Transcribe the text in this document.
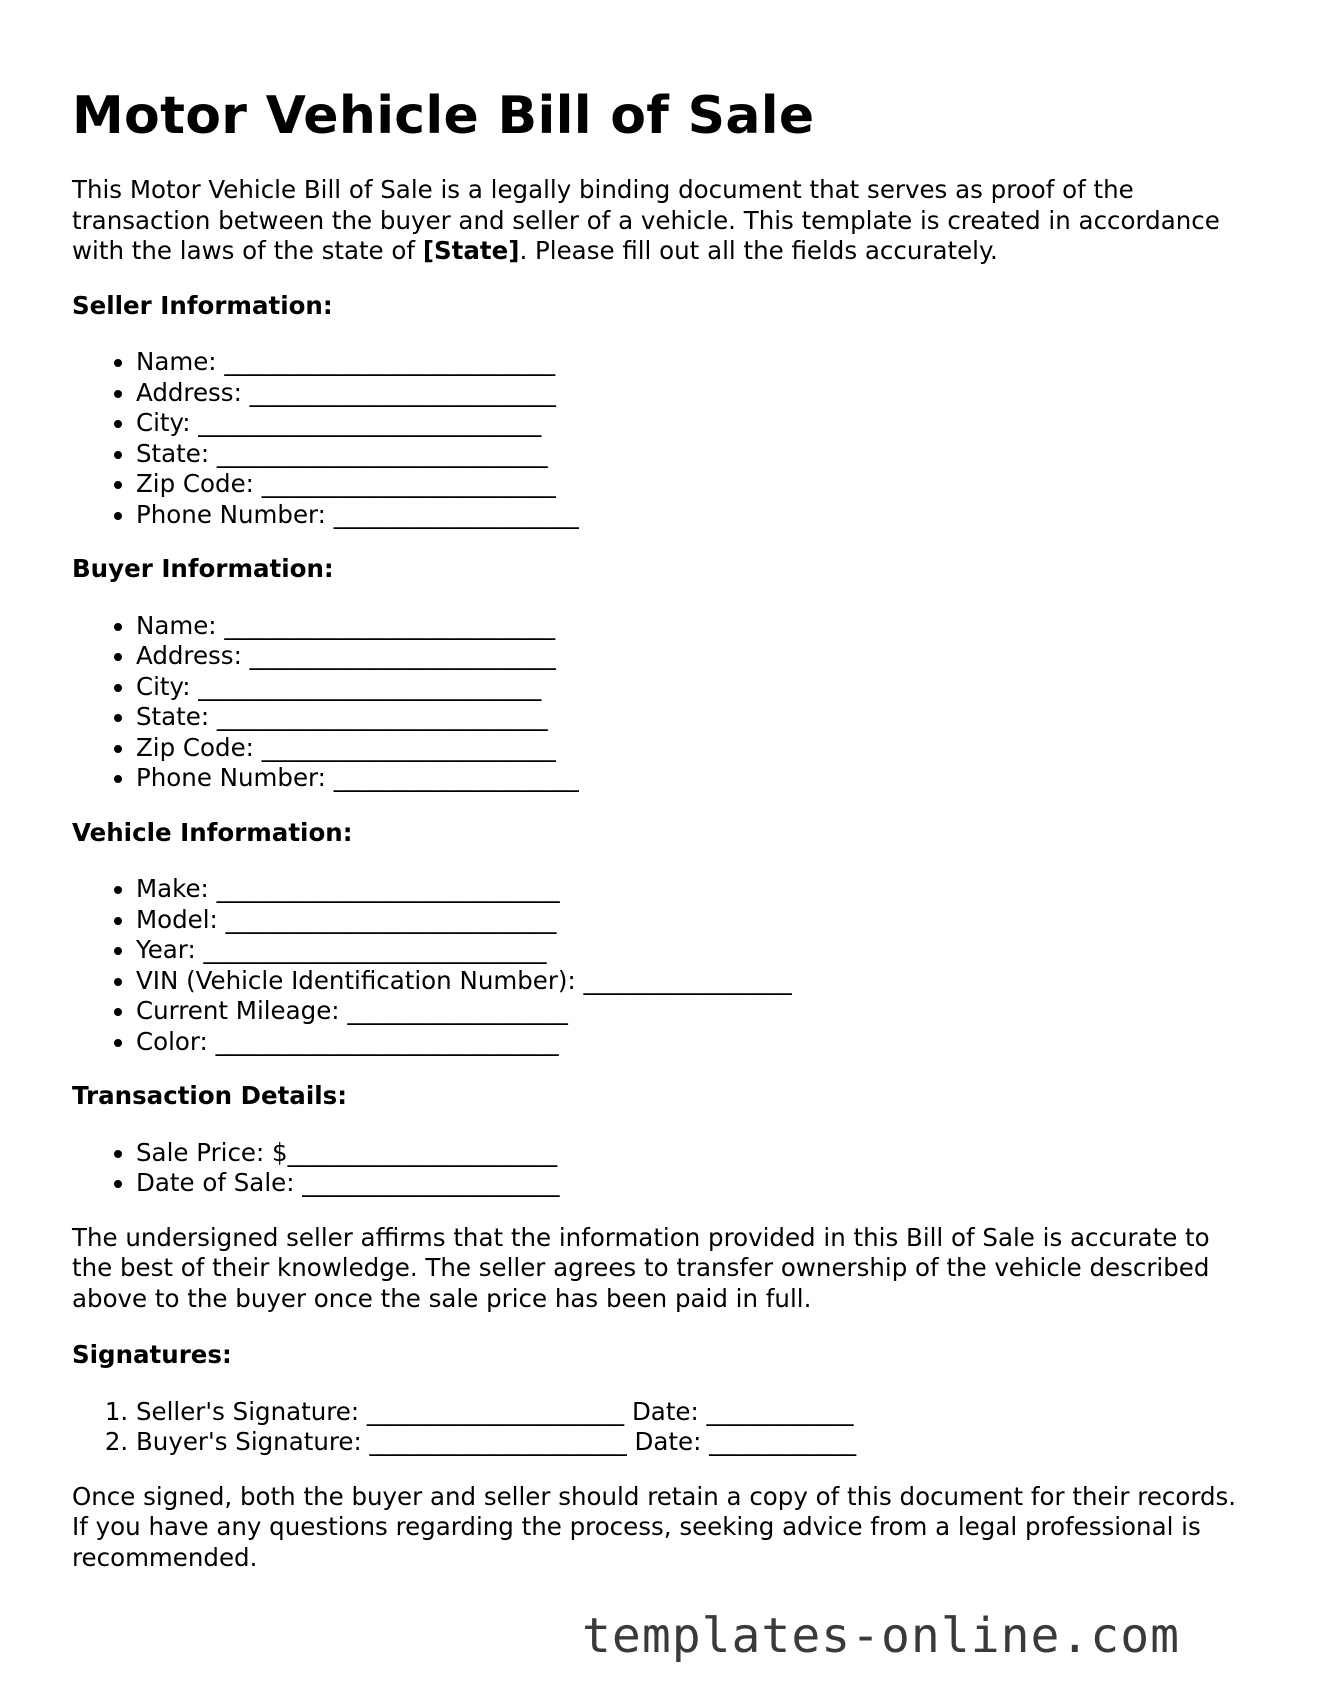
Motor Vehicle Bill of Sale

This Motor Vehicle Bill of Sale is a legally binding document that serves as proof of the transaction between the buyer and seller of a vehicle. This template is created in accordance with the laws of the state of [State]. Please fill out all the fields accurately.

Seller Information:
• Name: ___________________________
• Address: _________________________
• City: ____________________________
• State: ___________________________
• Zip Code: ________________________
• Phone Number: ____________________
Buyer Information:
• Name: ___________________________
• Address: _________________________
• City: ____________________________
• State: ___________________________
• Zip Code: ________________________
• Phone Number: ____________________
Vehicle Information:
• Make: ____________________________
• Model: ___________________________
• Year: ____________________________
• VIN (Vehicle Identification Number): _________________
• Current Mileage: __________________
• Color: ____________________________
Transaction Details:
• Sale Price: $______________________
• Date of Sale: _____________________

The undersigned seller affirms that the information provided in this Bill of Sale is accurate to the best of their knowledge. The seller agrees to transfer ownership of the vehicle described above to the buyer once the sale price has been paid in full.

Signatures:
1. Seller's Signature: _____________________ Date: ____________
2. Buyer's Signature: _____________________ Date: ____________

Once signed, both the buyer and seller should retain a copy of this document for their records. If you have any questions regarding the process, seeking advice from a legal professional is recommended.

templates-online.com
